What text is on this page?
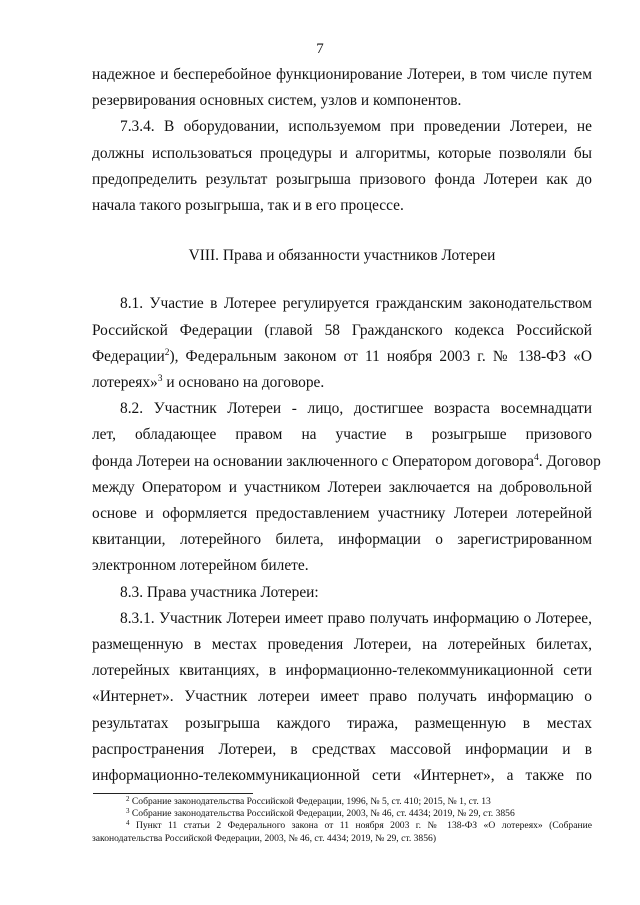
7
надежное и бесперебойное функционирование Лотереи, в том числе путем
резервирования основных систем, узлов и компонентов.
7.3.4. В оборудовании, используемом при проведении Лотереи, не
должны использоваться процедуры и алгоритмы, которые позволяли бы
предопределить результат розыгрыша призового фонда Лотереи как до
начала такого розыгрыша, так и в его процессе.
VIII. Права и обязанности участников Лотереи
8.1. Участие в Лотерее регулируется гражданским законодательством
Российской Федерации (главой 58 Гражданского кодекса Российской
Федерации$^2$), Федеральным законом от 11 ноября 2003 г. № 138-ФЗ «О
лотереях»$^3$ и основано на договоре.
8.2. Участник Лотереи - лицо, достигшее возраста восемнадцати
лет, обладающее правом на участие в розыгрыше призового
фонда Лотереи на основании заключенного с Оператором договора$^4$. Договор
между Оператором и участником Лотереи заключается на добровольной
основе и оформляется предоставлением участнику Лотереи лотерейной
квитанции, лотерейного билета, информации о зарегистрированном
электронном лотерейном билете.
8.3. Права участника Лотереи:
8.3.1. Участник Лотереи имеет право получать информацию о Лотерее,
размещенную в местах проведения Лотереи, на лотерейных билетах,
лотерейных квитанциях, в информационно-телекоммуникационной сети
«Интернет». Участник лотереи имеет право получать информацию о
результатах розыгрыша каждого тиража, размещенную в местах
распространения Лотереи, в средствах массовой информации и в
информационно-телекоммуникационной сети «Интернет», а также по
$^2$ Собрание законодательства Российской Федерации, 1996, № 5, ст. 410; 2015, № 1, ст. 13
$^3$ Собрание законодательства Российской Федерации, 2003, № 46, ст. 4434; 2019, № 29, ст. 3856
$^4$ Пункт 11 статьи 2 Федерального закона от 11 ноября 2003 г. № 138-ФЗ «О лотереях» (Собрание
законодательства Российской Федерации, 2003, № 46, ст. 4434; 2019, № 29, ст. 3856)
